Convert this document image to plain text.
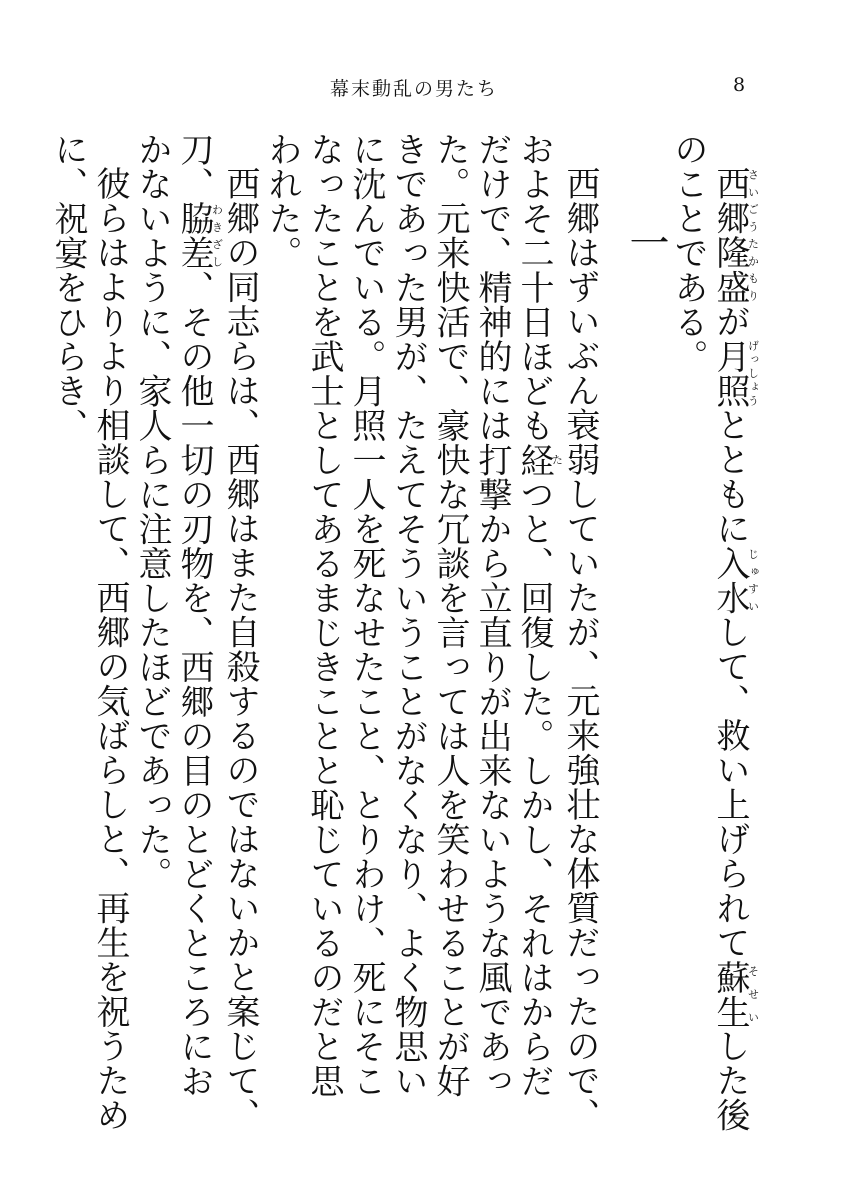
幕末動乱の男たち	8

西郷隆盛さいごうたかもりが月照げっしょうとともに入水じゅすいして、救い上げられて蘇生そせいした後のことである。

一

西郷はずいぶん衰弱していたが、元来強壮な体質だったので、およそ二十日ほども経たつと、回復した。しかし、それはからだだけで、精神的には打撃から立直りが出来ないような風であった。元来快活で、豪快な冗談を言っては人を笑わせることが好きであった男が、たえてそういうことがなくなり、よく物思いに沈んでいる。月照一人を死なせたこと、とりわけ、死にそこなったことを武士としてあるまじきことと恥じているのだと思われた。

西郷の同志らは、西郷はまた自殺するのではないかと案じて、刀、脇差わきざし、その他一切の刃物を、西郷の目のとどくところにおかないように、家人らに注意したほどであった。

彼らはよりより相談して、西郷の気ばらしと、再生を祝うために、祝宴をひらき、
